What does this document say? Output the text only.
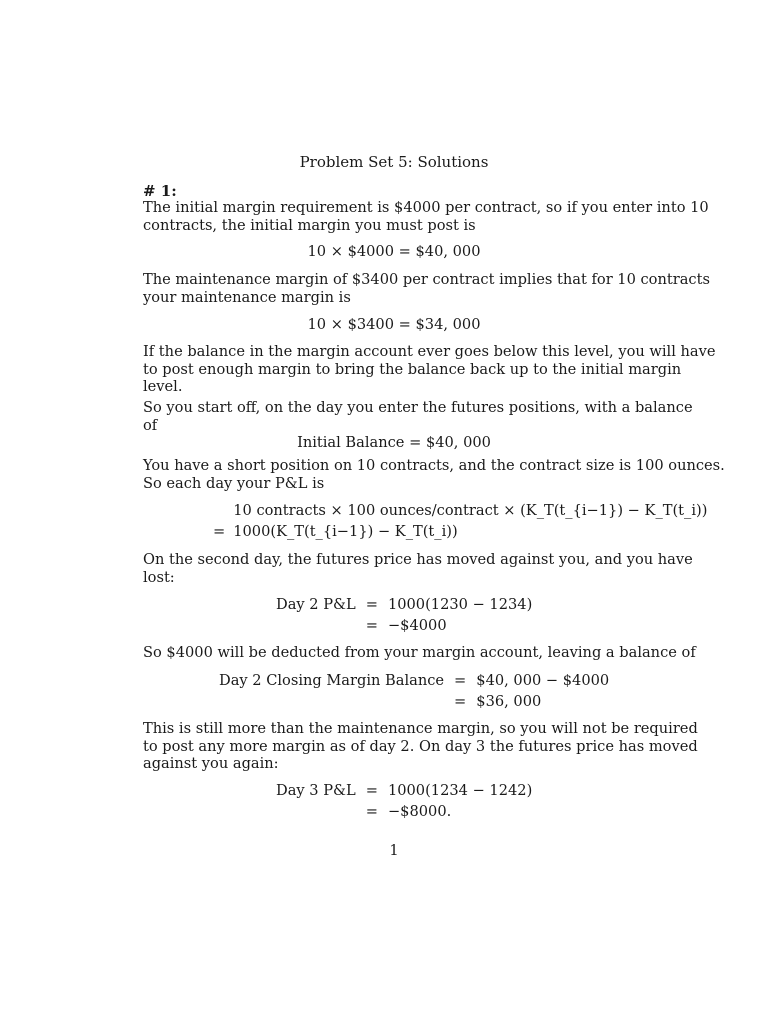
Problem Set 5: Solutions
# 1:
The initial margin requirement is $4000 per contract, so if you enter into 10
contracts, the initial margin you must post is
10 × $4000 = $40, 000
The maintenance margin of $3400 per contract implies that for 10 contracts
your maintenance margin is
10 × $3400 = $34, 000
If the balance in the margin account ever goes below this level, you will have
to post enough margin to bring the balance back up to the initial margin
level.
So you start off, on the day you enter the futures positions, with a balance
of
Initial Balance = $40, 000
You have a short position on 10 contracts, and the contract size is 100 ounces.
So each day your P&L is
		10 contracts × 100 ounces/contract × (K_T(t_{i−1}) − K_T(t_i))
	=	1000(K_T(t_{i−1}) − K_T(t_i))
On the second day, the futures price has moved against you, and you have
lost:
Day 2 P&L	=	1000(1230 − 1234)
	=	−$4000
So $4000 will be deducted from your margin account, leaving a balance of
Day 2 Closing Margin Balance	=	$40, 000 − $4000
	=	$36, 000
This is still more than the maintenance margin, so you will not be required
to post any more margin as of day 2. On day 3 the futures price has moved
against you again:
Day 3 P&L	=	1000(1234 − 1242)
	=	−$8000.
1
